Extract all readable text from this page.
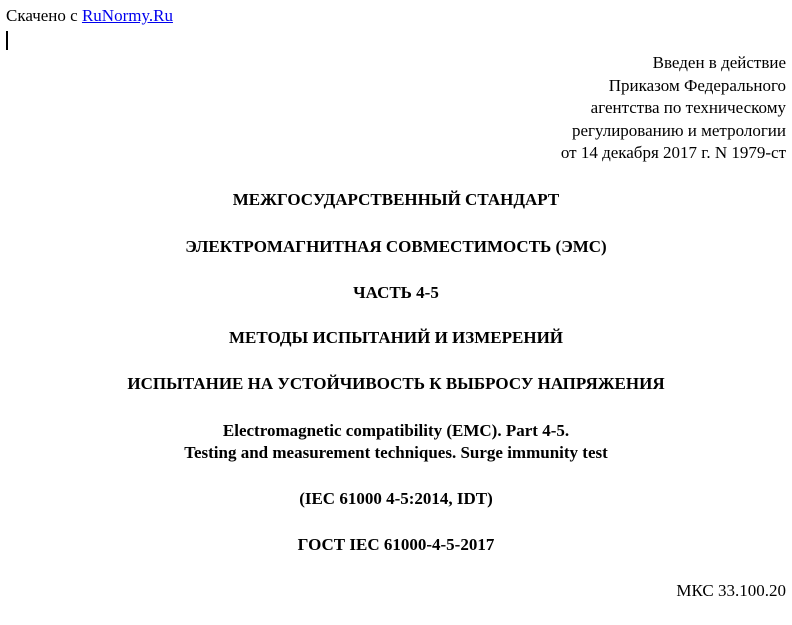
Скачено с RuNormy.Ru
Введен в действие
Приказом Федерального
агентства по техническому
регулированию и метрологии
от 14 декабря 2017 г. N 1979-ст
МЕЖГОСУДАРСТВЕННЫЙ СТАНДАРТ
ЭЛЕКТРОМАГНИТНАЯ СОВМЕСТИМОСТЬ (ЭМС)
ЧАСТЬ 4-5
МЕТОДЫ ИСПЫТАНИЙ И ИЗМЕРЕНИЙ
ИСПЫТАНИЕ НА УСТОЙЧИВОСТЬ К ВЫБРОСУ НАПРЯЖЕНИЯ
Electromagnetic compatibility (EMC). Part 4-5.
Testing and measurement techniques. Surge immunity test
(IEC 61000 4-5:2014, IDT)
ГОСТ IEC 61000-4-5-2017
МКС 33.100.20
